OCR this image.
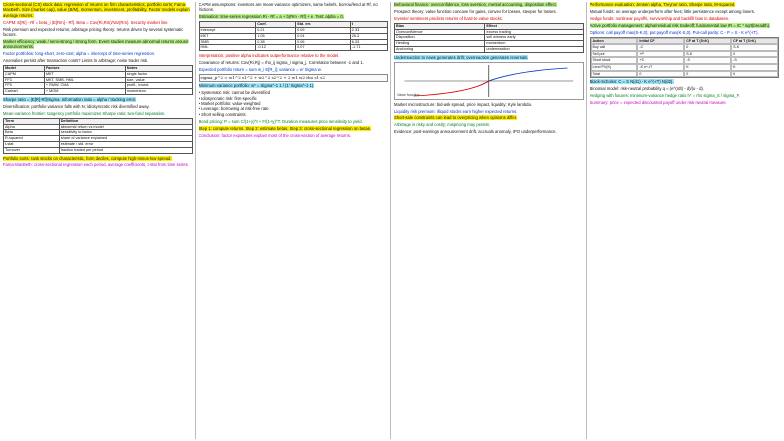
Cross-sectional (CS) stock data: regression of returns on firm characteristics; portfolio sorts; Fama-MacBeth. Size (market cap), value (B/M), momentum, investment, profitability. Factor models explain average returns.
CAPM: E[Ri] - Rf = beta_i (E[Rm] - Rf). Beta = Cov(Ri,Rm)/Var(Rm). Security market line.
Risk premium and expected returns; arbitrage pricing theory: returns driven by several systematic factors.
Market efficiency: weak / semi-strong / strong form. Event studies measure abnormal returns around announcements.
Factor portfolios: long-short, zero-cost; alpha = intercept of time-series regression.
Anomalies persist after transaction costs? Limits to arbitrage; noise trader risk.
Model	Factors	Notes
CAPM	MKT	single factor
FF3	MKT, SMB, HML	size, value
FF5	+ RMW, CMA	profit., invest.
Carhart	+ MOM	momentum
Sharpe ratio = (E[R]-Rf)/sigma. Information ratio = alpha / tracking error.
Diversification: portfolio variance falls with N; idiosyncratic risk diversified away.
Mean-variance frontier: tangency portfolio maximizes Sharpe ratio; two-fund separation.
Term	Definition
Alpha	abnormal return vs model
Beta	sensitivity to factor
R-squared	share of variance explained
t-stat	estimate / std. error
Turnover	fraction traded per period
Portfolio sorts: rank stocks on characteristic, form deciles, compute high-minus-low spread.
Fama-MacBeth: cross-sectional regression each period, average coefficients, t-stat from time series.
CAPM assumptions: investors are mean-variance optimizers, same beliefs, borrow/lend at Rf, no frictions.
Estimation: time-series regression Ri - Rf = a + b(Rm - Rf) + e. Test: alpha = 0.
	Coef.	Std. err.	t
Intercept	0.21	0.09	2.33
MKT	1.05	0.04	26.3
SMB	0.38	0.06	6.33
HML	-0.12	0.07	-1.71
Interpretation: positive alpha indicates outperformance relative to the model.
Covariance of returns: Cov(Ri,Rj) = rho_ij sigma_i sigma_j. Correlation between -1 and 1.
Expected portfolio return = sum w_i E[R_i]; variance = w' Sigma w.
sigma_p^2 = w1^2 s1^2 + w2^2 s2^2 + 2 w1 w2 rho s1 s2
Minimum-variance portfolio: w* = Sigma^-1 1 / (1' Sigma^-1 1).
• Systematic risk: cannot be diversified
• Idiosyncratic risk: firm-specific
• Market portfolio: value-weighted
• Leverage: borrowing at risk-free rate
• Short selling constraints
Bond pricing: P = sum C/(1+y)^t + F/(1+y)^T. Duration measures price sensitivity to yield.
Step 1: compute returns. Step 2: estimate betas. Step 3: cross-sectional regression on betas.
Conclusion: factor exposures explain most of the cross-section of average returns.
Behavioral finance: overconfidence, loss aversion, mental accounting, disposition effect.
Prospect theory: value function concave for gains, convex for losses, steeper for losses.
Investor sentiment predicts returns of hard-to-value stocks.
Bias	Effect
Overconfidence	excess trading
Disposition	sell winners early
Herding	momentum
Anchoring	underreaction
Underreaction to news generates drift; overreaction generates reversals.
Value function
Market microstructure: bid-ask spread, price impact, liquidity; Kyle lambda.
Liquidity risk premium: illiquid stocks earn higher expected returns.
Short-sale constraints can lead to overpricing when opinions differ.
Arbitrage is risky and costly; mispricing may persist.
Evidence: post-earnings announcement drift, accruals anomaly, IPO underperformance.
Performance evaluation: Jensen alpha, Treynor ratio, Sharpe ratio, M-squared.
Mutual funds: on average underperform after fees; little persistence except among losers.
Hedge funds: nonlinear payoffs, survivorship and backfill bias in databases.
Active portfolio management: alpha/residual risk tradeoff; fundamental law IR = IC * sqrt(breadth).
Options: call payoff max(S-K,0); put payoff max(K-S,0). Put-call parity: C - P = S - K e^(-rT).
Action	Initial CF	CF at T (S<K)	CF at T (S>K)
Buy call	-C	0	S-K
Sell put	+P	S-K	0
Short stock	+S	-S	-S
Lend PV(K)	-K e^-rT	K	K
Total	0	0	0
Black-Scholes: C = S N(d1) - K e^(-rT) N(d2).
Binomial model: risk-neutral probability q = (e^(rdt) - d)/(u - d).
Hedging with futures: minimum-variance hedge ratio h* = rho sigma_S / sigma_F.
Summary: price = expected discounted payoff under risk-neutral measure.
